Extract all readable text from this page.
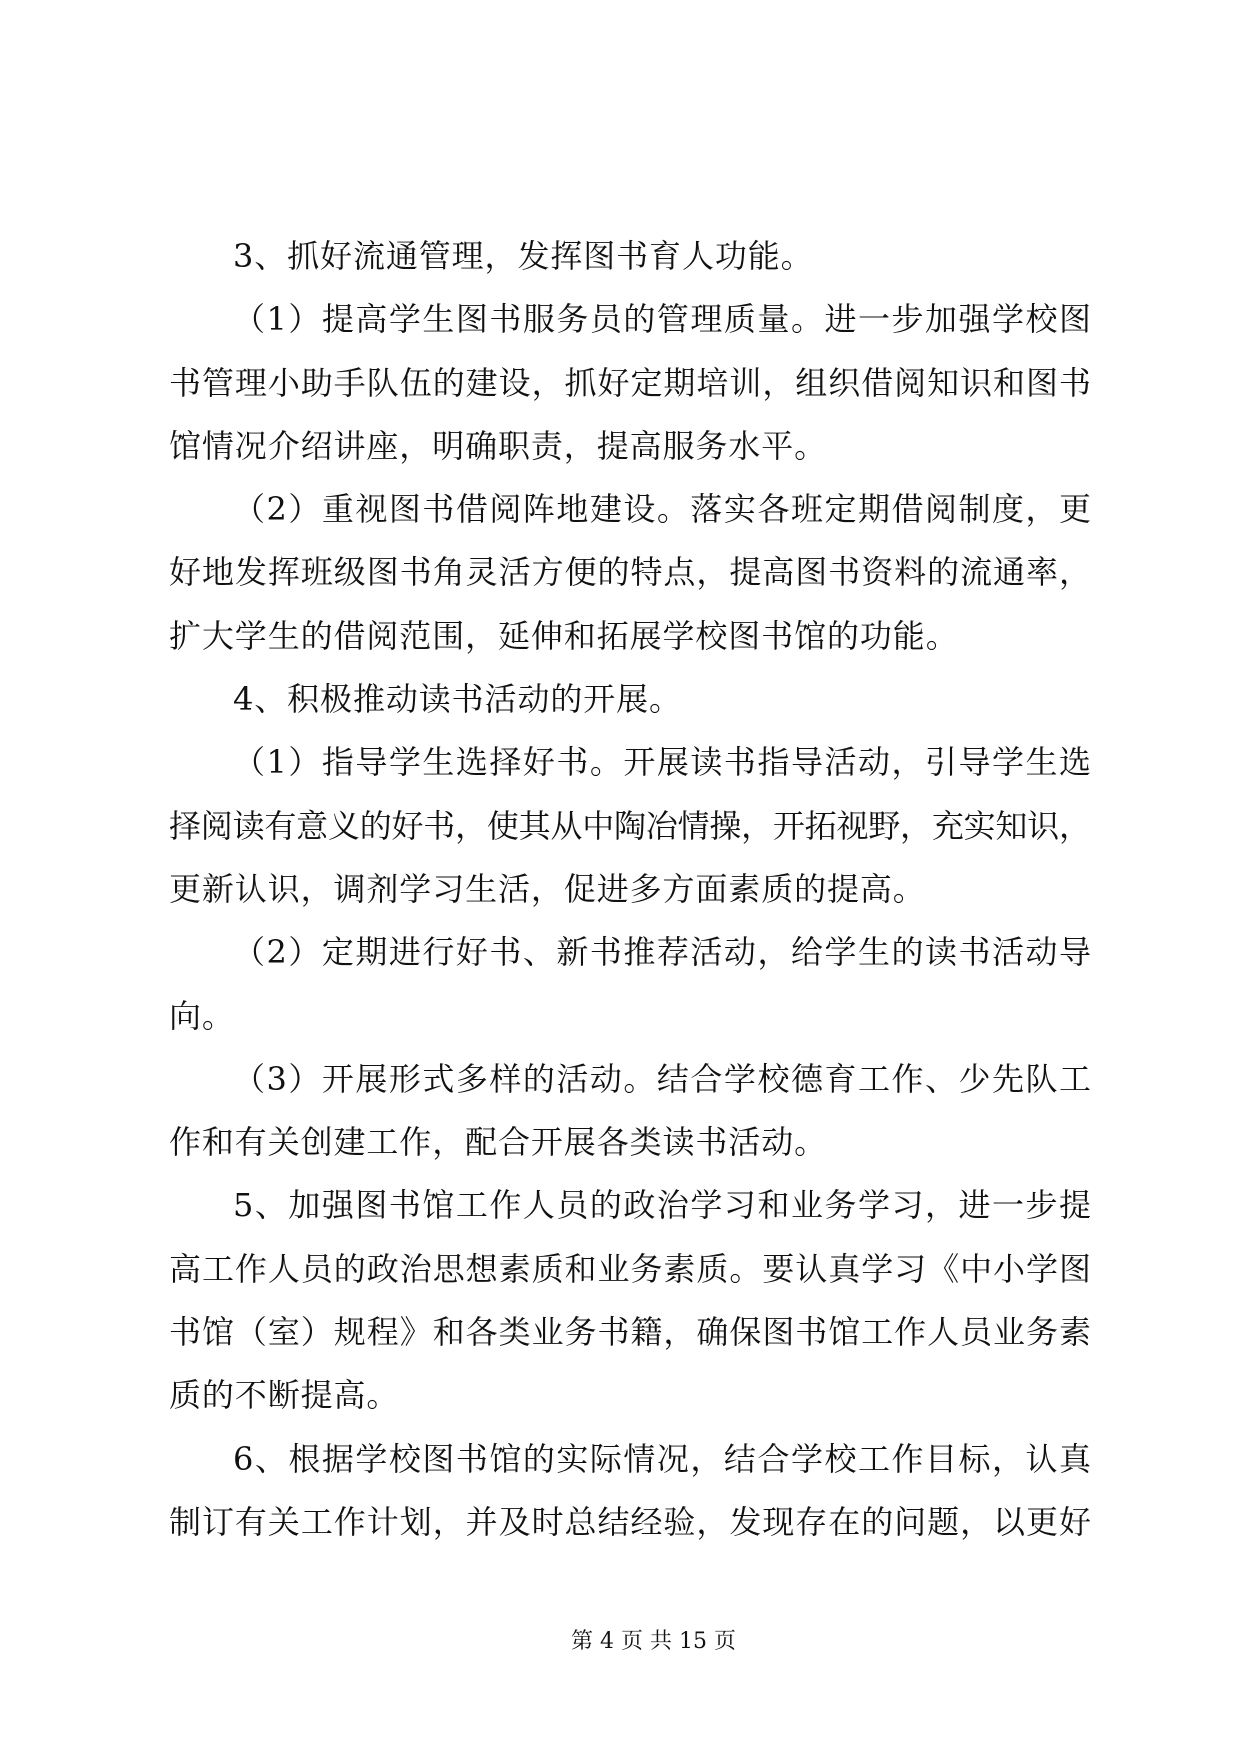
3、抓好流通管理，发挥图书育人功能。
（1）提高学生图书服务员的管理质量。进一步加强学校图
书管理小助手队伍的建设，抓好定期培训，组织借阅知识和图书
馆情况介绍讲座，明确职责，提高服务水平。
（2）重视图书借阅阵地建设。落实各班定期借阅制度，更
好地发挥班级图书角灵活方便的特点，提高图书资料的流通率，
扩大学生的借阅范围，延伸和拓展学校图书馆的功能。
4、积极推动读书活动的开展。
（1）指导学生选择好书。开展读书指导活动，引导学生选
择阅读有意义的好书，使其从中陶冶情操，开拓视野，充实知识，
更新认识，调剂学习生活，促进多方面素质的提高。
（2）定期进行好书、新书推荐活动，给学生的读书活动导
向。
（3）开展形式多样的活动。结合学校德育工作、少先队工
作和有关创建工作，配合开展各类读书活动。
5、加强图书馆工作人员的政治学习和业务学习，进一步提
高工作人员的政治思想素质和业务素质。要认真学习《中小学图
书馆（室）规程》和各类业务书籍，确保图书馆工作人员业务素
质的不断提高。
6、根据学校图书馆的实际情况，结合学校工作目标，认真
制订有关工作计划，并及时总结经验，发现存在的问题，以更好
第 4 页 共 15 页
